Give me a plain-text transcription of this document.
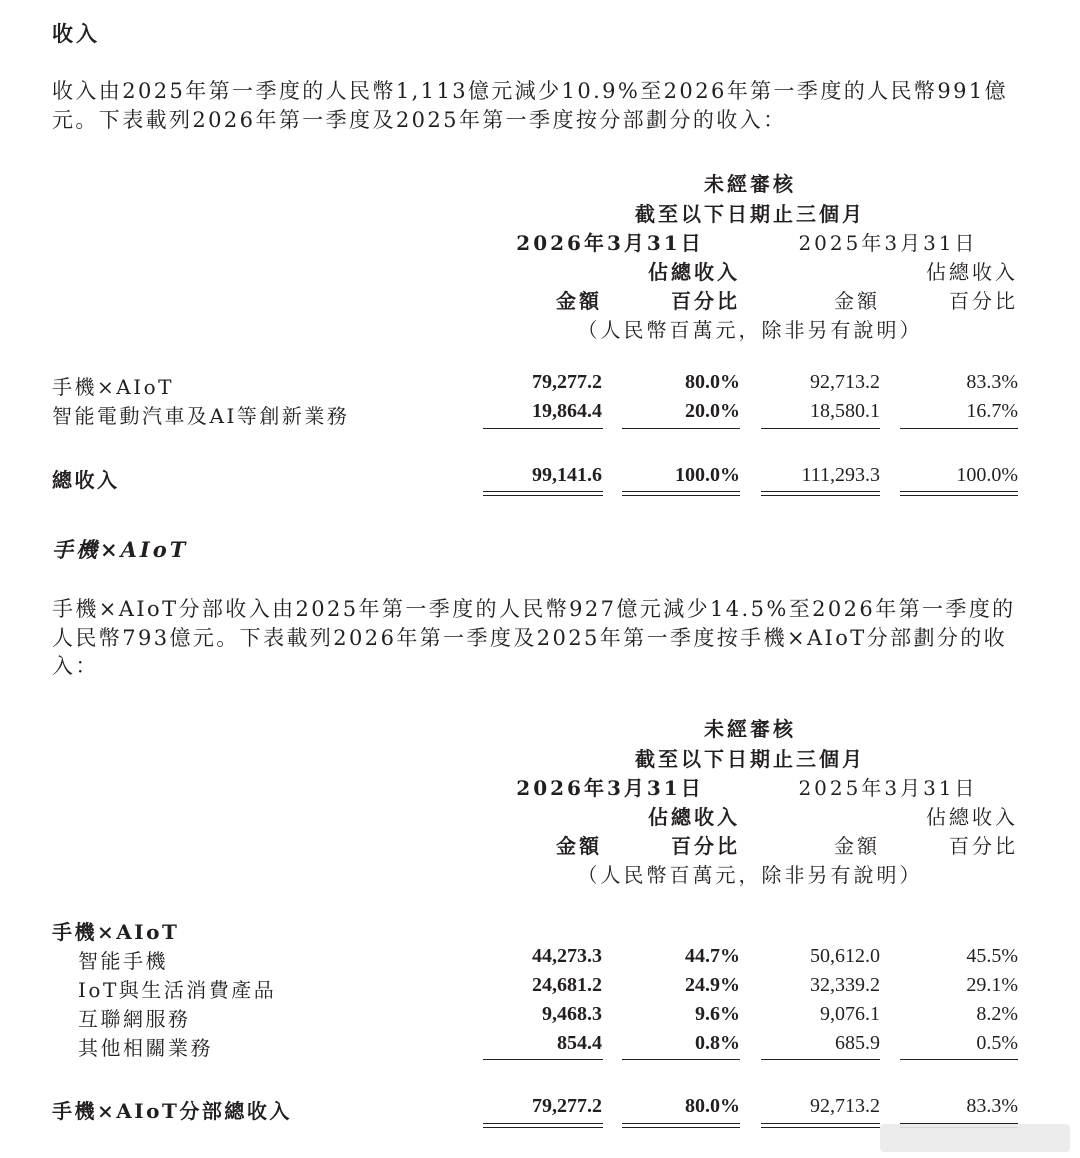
收入
收入由2025年第一季度的人民幣1,113億元減少10.9%至2026年第一季度的人民幣991億
元。下表載列2026年第一季度及2025年第一季度按分部劃分的收入：
未經審核
截至以下日期止三個月
2026年3月31日	2025年3月31日
佔總收入	佔總收入
金額	百分比	金額	百分比
（人民幣百萬元，除非另有說明）
手機×AIoT	79,277.2	80.0%	92,713.2	83.3%
智能電動汽車及AI等創新業務	19,864.4	20.0%	18,580.1	16.7%
總收入	99,141.6	100.0%	111,293.3	100.0%
手機×AIoT
手機×AIoT分部收入由2025年第一季度的人民幣927億元減少14.5%至2026年第一季度的
人民幣793億元。下表載列2026年第一季度及2025年第一季度按手機×AIoT分部劃分的收
入：
未經審核
截至以下日期止三個月
2026年3月31日	2025年3月31日
佔總收入	佔總收入
金額	百分比	金額	百分比
（人民幣百萬元，除非另有說明）
手機×AIoT
智能手機	44,273.3	44.7%	50,612.0	45.5%
IoT與生活消費產品	24,681.2	24.9%	32,339.2	29.1%
互聯網服務	9,468.3	9.6%	9,076.1	8.2%
其他相關業務	854.4	0.8%	685.9	0.5%
手機×AIoT分部總收入	79,277.2	80.0%	92,713.2	83.3%
